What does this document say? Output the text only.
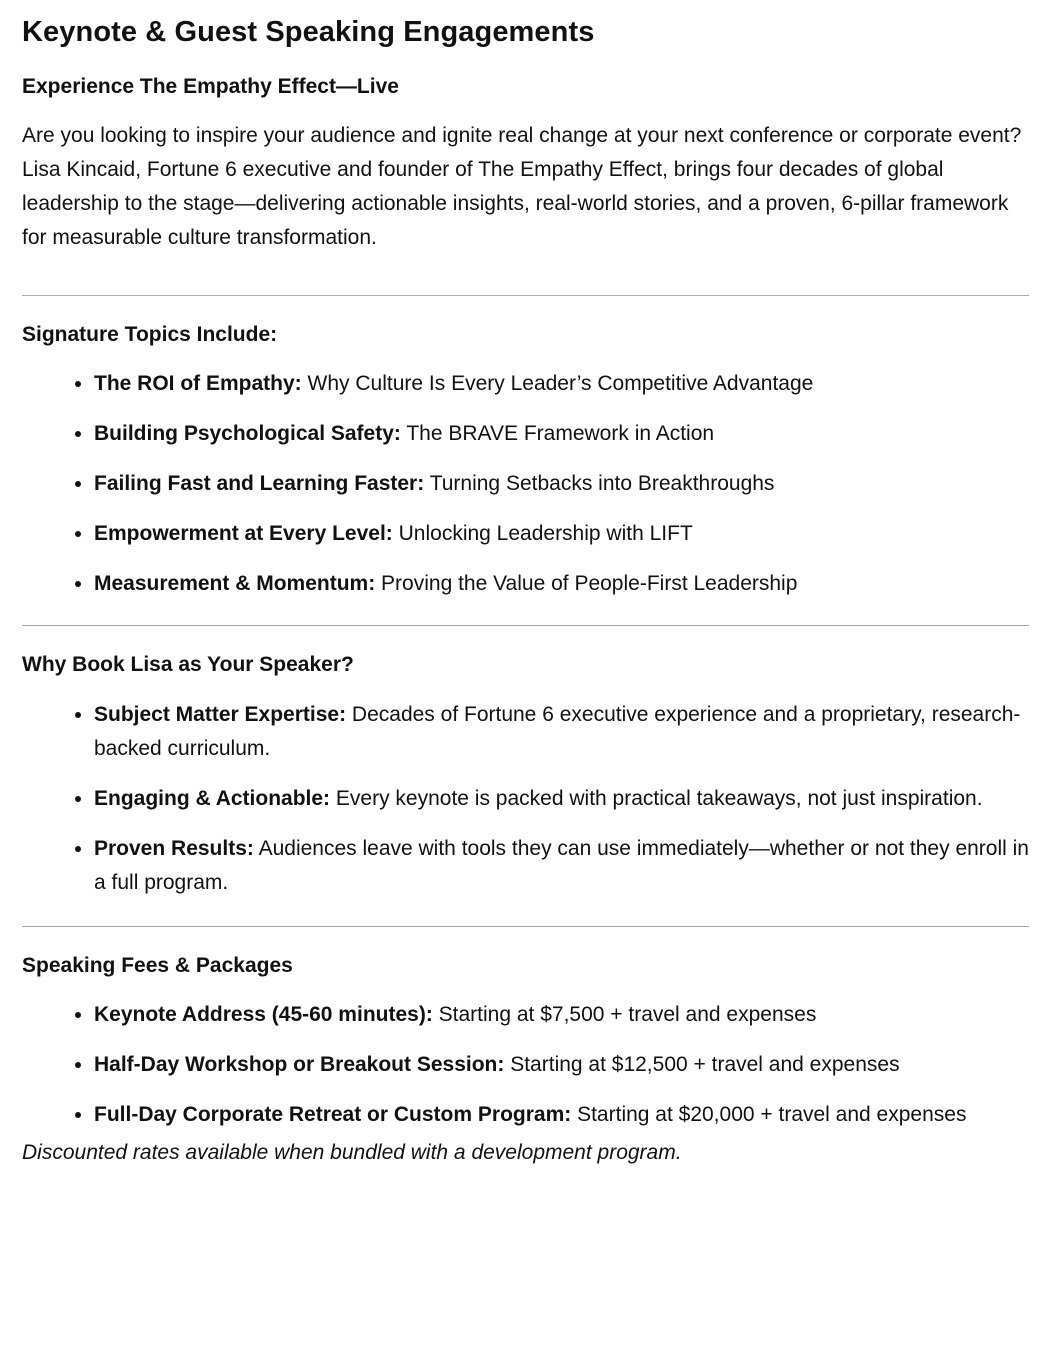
Keynote & Guest Speaking Engagements
Experience The Empathy Effect—Live

Are you looking to inspire your audience and ignite real change at your next conference or corporate event?

Lisa Kincaid, Fortune 6 executive and founder of The Empathy Effect, brings four decades of global leadership to the stage—delivering actionable insights, real-world stories, and a proven, 6-pillar framework for measurable culture transformation.

Signature Topics Include:
• The ROI of Empathy: Why Culture Is Every Leader’s Competitive Advantage
• Building Psychological Safety: The BRAVE Framework in Action
• Failing Fast and Learning Faster: Turning Setbacks into Breakthroughs
• Empowerment at Every Level: Unlocking Leadership with LIFT
• Measurement & Momentum: Proving the Value of People-First Leadership
Why Book Lisa as Your Speaker?
• Subject Matter Expertise: Decades of Fortune 6 executive experience and a proprietary, research-backed curriculum.
• Engaging & Actionable: Every keynote is packed with practical takeaways, not just inspiration.
• Proven Results: Audiences leave with tools they can use immediately—whether or not they enroll in a full program.
Speaking Fees & Packages
• Keynote Address (45-60 minutes): Starting at $7,500 + travel and expenses
• Half-Day Workshop or Breakout Session: Starting at $12,500 + travel and expenses
• Full-Day Corporate Retreat or Custom Program: Starting at $20,000 + travel and expenses

Discounted rates available when bundled with a development program.
